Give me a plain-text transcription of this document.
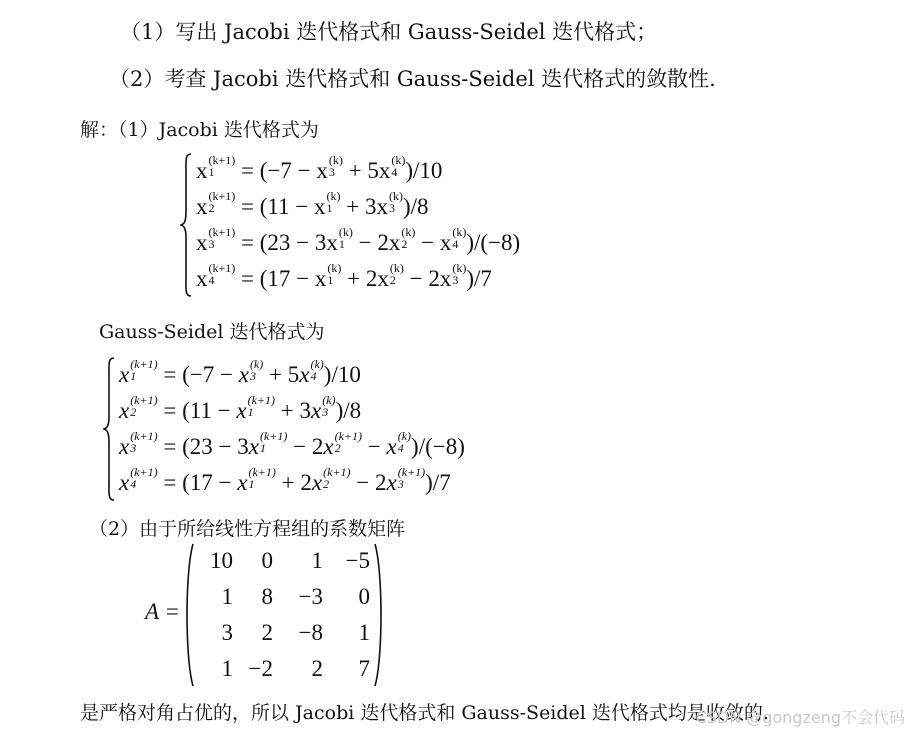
（1）写出 Jacobi 迭代格式和 Gauss-Seidel 迭代格式；
（2）考查 Jacobi 迭代格式和 Gauss-Seidel 迭代格式的敛散性.
解：（1）Jacobi 迭代格式为
x (k+1)
1 = (−7 − x (k)
3 + 5x (k)
4 )/10
x (k+1)
2 = (11 − x (k)
1 + 3x (k)
3 )/8
x (k+1)
3 = (23 − 3x (k)
1 − 2x (k)
2 − x (k)
4 )/(−8)
x (k+1)
4 = (17 − x (k)
1 + 2x (k)
2 − 2x (k)
3 )/7
Gauss-Seidel 迭代格式为
x (k+1)
1 = (−7 − x (k)
3 + 5x (k)
4 )/10
x (k+1)
2 = (11 − x (k+1)
1 + 3x (k)
3 )/8
x (k+1)
3 = (23 − 3x (k+1)
1 − 2x (k+1)
2 − x (k)
4 )/(−8)
x (k+1)
4 = (17 − x (k+1)
1 + 2x (k+1)
2 − 2x (k+1)
3 )/7
（2）由于所给线性方程组的系数矩阵
A =
10	0	1 −5
1	8	−3	0
3	2	−8	1
1 −2	2	7
是严格对角占优的，所以 Jacobi 迭代格式和 Gauss-Seidel 迭代格式均是收敛的.
CSDN @gongzeng不会代码
